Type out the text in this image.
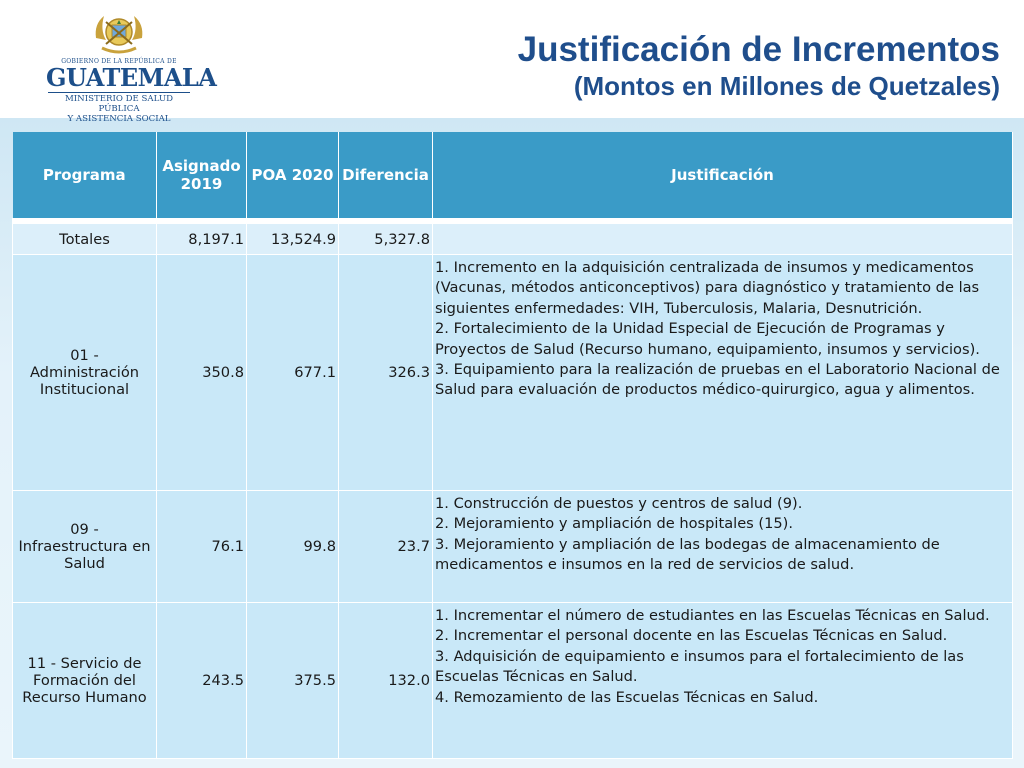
GOBIERNO DE LA REPÚBLICA DE
GUATEMALA
MINISTERIO DE SALUD PÚBLICA
Y ASISTENCIA SOCIAL
Justificación de Incrementos
(Montos en Millones de Quetzales)
Programa	Asignado 2019	POA 2020	Diferencia	Justificación
Totales	8,197.1	13,524.9	5,327.8	
01 - Administración Institucional	350.8	677.1	326.3	1. Incremento en la adquisición centralizada de insumos y medicamentos (Vacunas, métodos anticonceptivos) para diagnóstico y tratamiento de las siguientes enfermedades: VIH, Tuberculosis, Malaria, Desnutrición.
2. Fortalecimiento de la Unidad Especial de Ejecución de Programas y Proyectos de Salud (Recurso humano, equipamiento, insumos y servicios).
3. Equipamiento para la realización de pruebas en el Laboratorio Nacional de Salud para evaluación de productos médico-quirurgico, agua y alimentos.

09 - Infraestructura en Salud	76.1	99.8	23.7	1. Construcción de puestos y centros de salud (9).
2. Mejoramiento y ampliación de hospitales (15).
3. Mejoramiento y ampliación de las bodegas de almacenamiento de medicamentos e insumos en la red de servicios de salud.

11 - Servicio de Formación del Recurso Humano	243.5	375.5	132.0	1. Incrementar el número de estudiantes en las Escuelas Técnicas en Salud.
2. Incrementar el personal docente en las Escuelas Técnicas en Salud.
3. Adquisición de equipamiento e insumos para el fortalecimiento de las Escuelas Técnicas en Salud.
4. Remozamiento de las Escuelas Técnicas en Salud.
